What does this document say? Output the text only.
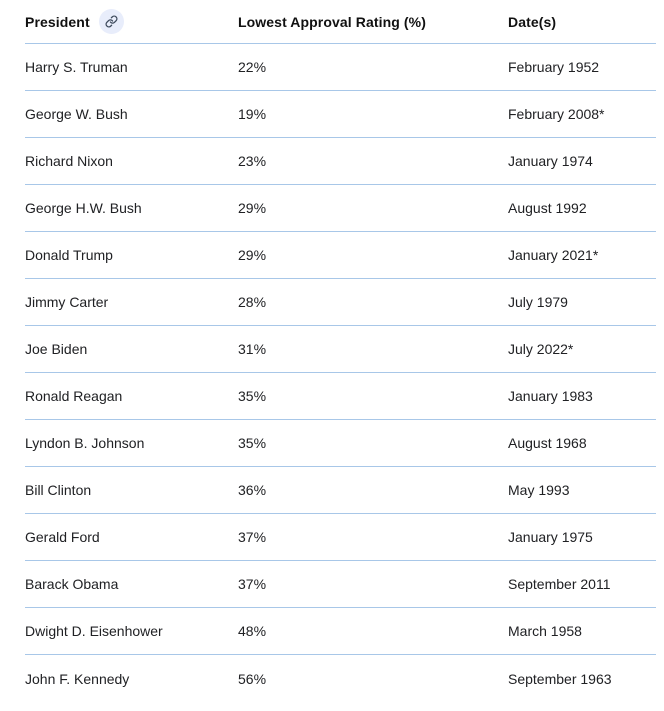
President	Lowest Approval Rating (%)	Date(s)
Harry S. Truman	22%	February 1952
George W. Bush	19%	February 2008*
Richard Nixon	23%	January 1974
George H.W. Bush	29%	August 1992
Donald Trump	29%	January 2021*
Jimmy Carter	28%	July 1979
Joe Biden	31%	July 2022*
Ronald Reagan	35%	January 1983
Lyndon B. Johnson	35%	August 1968
Bill Clinton	36%	May 1993
Gerald Ford	37%	January 1975
Barack Obama	37%	September 2011
Dwight D. Eisenhower	48%	March 1958
John F. Kennedy	56%	September 1963
